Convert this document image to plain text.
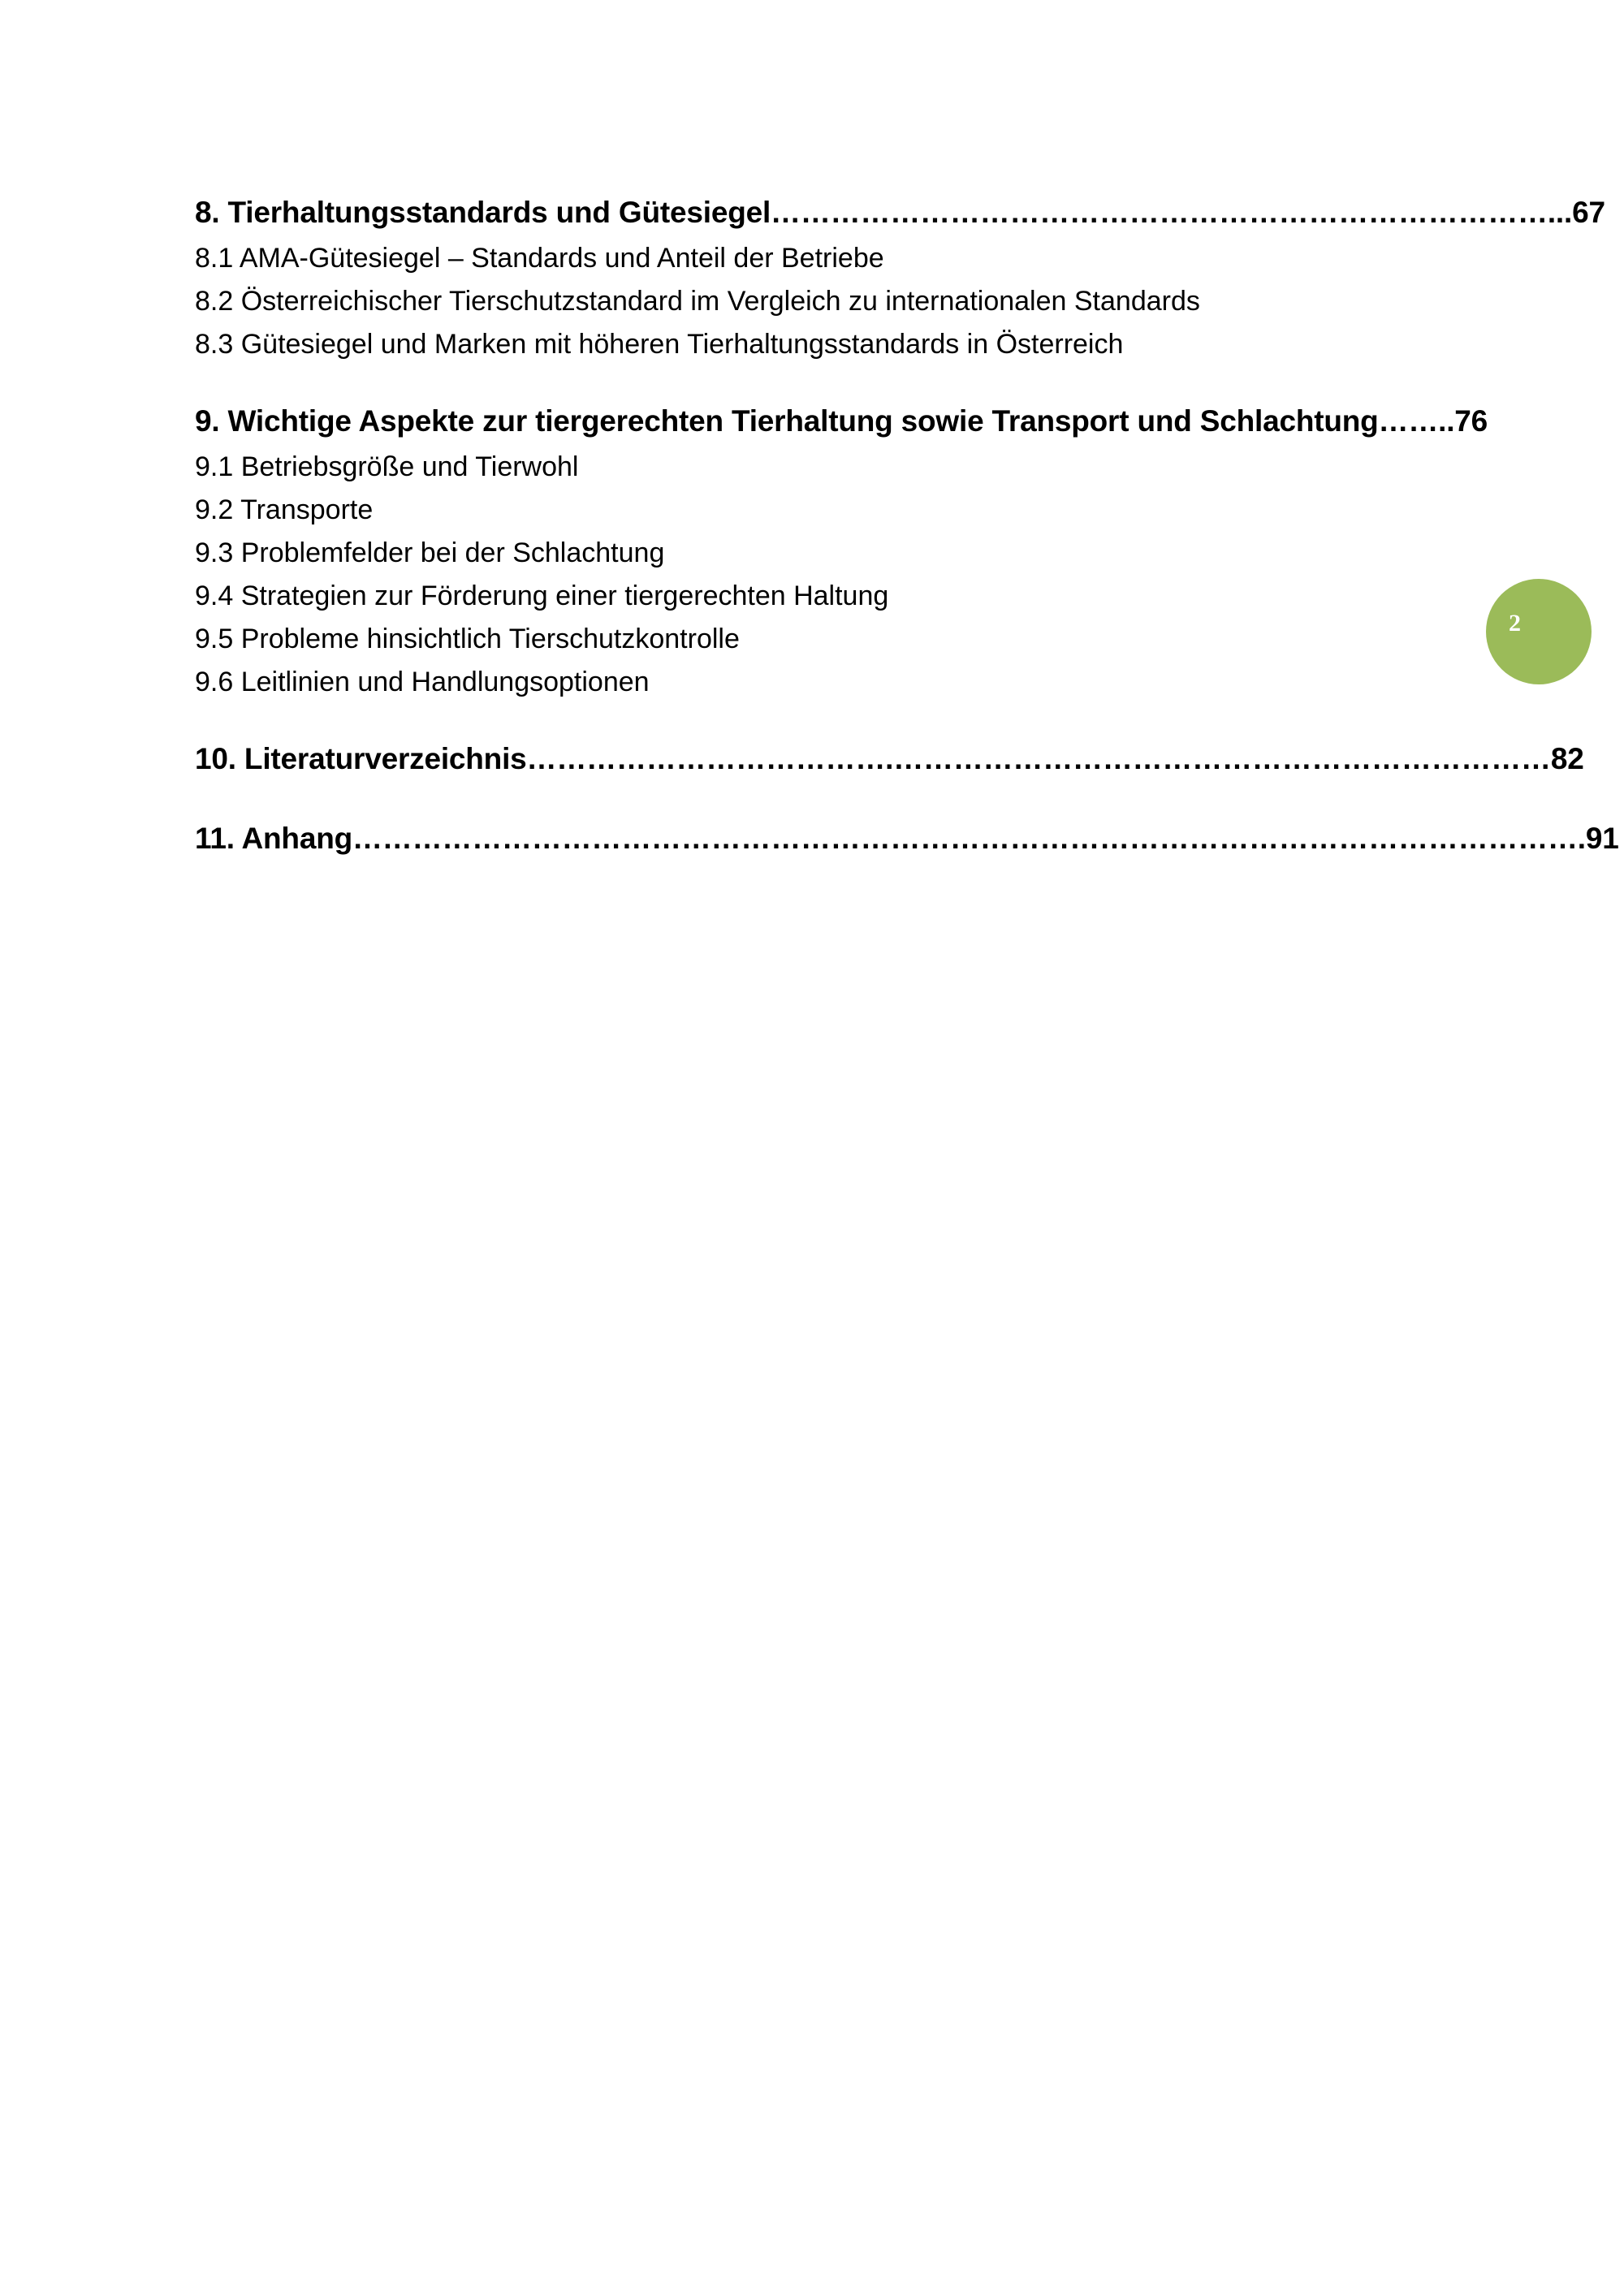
8. Tierhaltungsstandards und Gütesiegel……………………………………………………………………...67
8.1 AMA-Gütesiegel – Standards und Anteil der Betriebe
8.2 Österreichischer Tierschutzstandard im Vergleich zu internationalen Standards
8.3 Gütesiegel und Marken mit höheren Tierhaltungsstandards in Österreich
9. Wichtige Aspekte zur tiergerechten Tierhaltung sowie Transport und Schlachtung……..76
9.1 Betriebsgröße und Tierwohl
9.2 Transporte
9.3 Problemfelder bei der Schlachtung
9.4 Strategien zur Förderung einer tiergerechten Haltung
9.5 Probleme hinsichtlich Tierschutzkontrolle
9.6 Leitlinien und Handlungsoptionen
10. Literaturverzeichnis……………………………….…………………………………………………………82
11. Anhang…………………………………………………………………………………………………………….91
2
